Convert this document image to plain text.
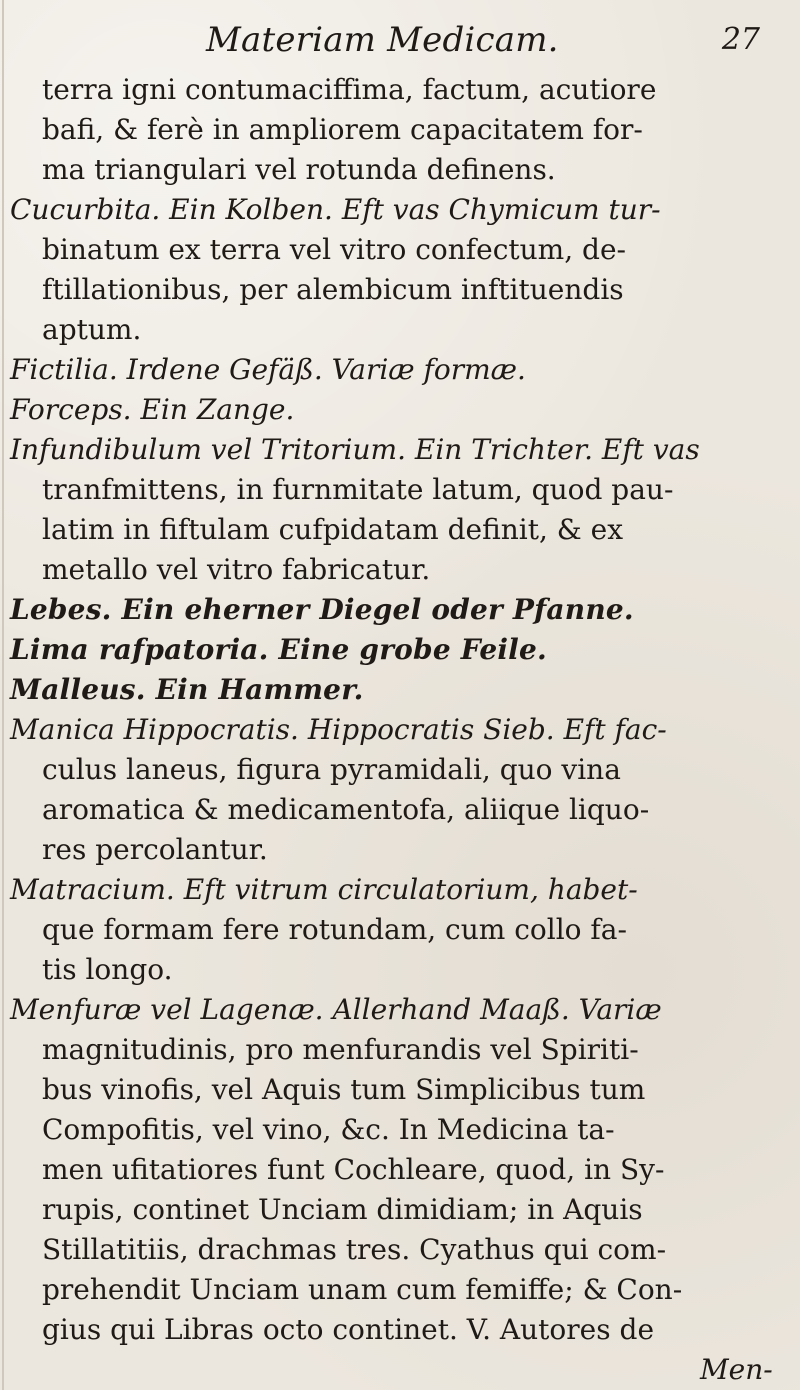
Materiam Medicam.	27
terra igni contumaciffima, factum, acutiore
bafi, & ferè in ampliorem capacitatem for-
ma triangulari vel rotunda definens.
Cucurbita. Ein Kolben. Eft vas Chymicum tur-
binatum ex terra vel vitro confectum, de-
ftillationibus, per alembicum inftituendis
aptum.
Fictilia. Irdene Gefäß. Variæ formæ.
Forceps. Ein Zange.
Infundibulum vel Tritorium. Ein Trichter. Eft vas
tranfmittens, in furnmitate latum, quod pau-
latim in fiftulam cufpidatam definit, & ex
metallo vel vitro fabricatur.
Lebes. Ein eherner Diegel oder Pfanne.
Lima rafpatoria. Eine grobe Feile.
Malleus. Ein Hammer.
Manica Hippocratis. Hippocratis Sieb. Eft fac-
culus laneus, figura pyramidali, quo vina
aromatica & medicamentofa, aliique liquo-
res percolantur.
Matracium. Eft vitrum circulatorium, habet-
que formam fere rotundam, cum collo fa-
tis longo.
Menfuræ vel Lagenæ. Allerhand Maaß. Variæ
magnitudinis, pro menfurandis vel Spiriti-
bus vinofis, vel Aquis tum Simplicibus tum
Compofitis, vel vino, &c. In Medicina ta-
men ufitatiores funt Cochleare, quod, in Sy-
rupis, continet Unciam dimidiam; in Aquis
Stillatitiis, drachmas tres. Cyathus qui com-
prehendit Unciam unam cum femiffe; & Con-
gius qui Libras octo continet. V. Autores de
Men-
